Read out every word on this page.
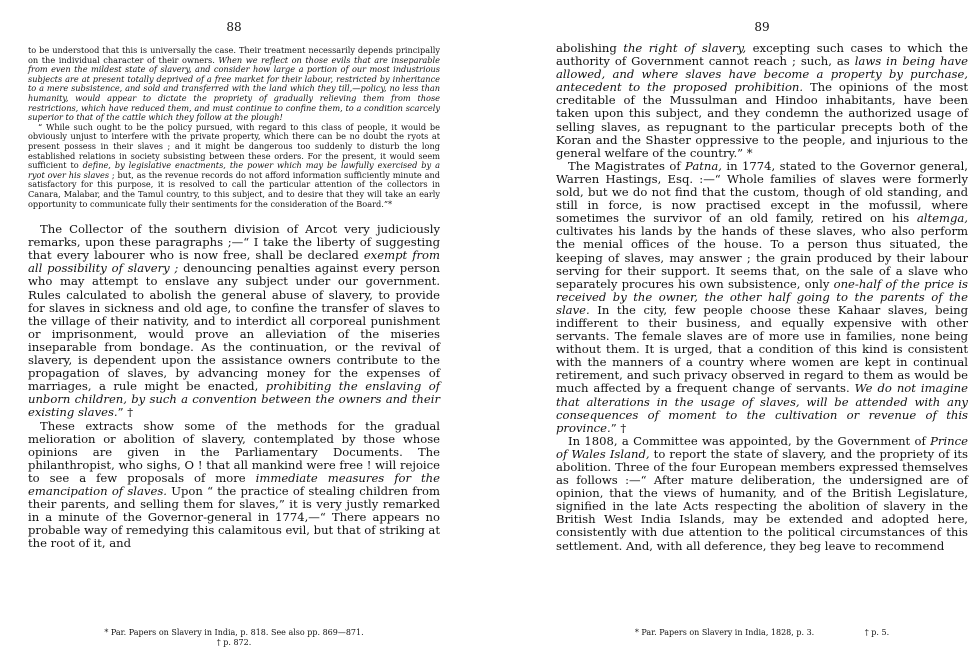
88

to be understood that this is universally the case. Their treatment necessarily depends principally on the individual character of their owners. When we reflect on those evils that are inseparable from even the mildest state of slavery, and consider how large a portion of our most industrious subjects are at present totally deprived of a free market for their labour, restricted by inheritance to a mere subsistence, and sold and transferred with the land which they till,—policy, no less than humanity, would appear to dictate the propriety of gradually relieving them from those restrictions, which have reduced them, and must continue to confine them, to a condition scarcely superior to that of the cattle which they follow at the plough!

“ While such ought to be the policy pursued, with regard to this class of people, it would be obviously unjust to interfere with the private property, which there can be no doubt the ryots at present possess in their slaves ; and it might be dangerous too suddenly to disturb the long established relations in society subsisting between these orders. For the present, it would seem sufficient to define, by legislative enactments, the power which may be lawfully exercised by a ryot over his slaves ; but, as the revenue records do not afford information sufficiently minute and satisfactory for this purpose, it is resolved to call the particular attention of the collectors in Canara, Malabar, and the Tamul country, to this subject, and to desire that they will take an early opportunity to communicate fully their sentiments for the consideration of the Board.”*

The Collector of the southern division of Arcot very judiciously remarks, upon these paragraphs ;—“ I take the liberty of suggesting that every labourer who is now free, shall be declared exempt from all possibility of slavery ; denouncing penalties against every person who may attempt to enslave any subject under our government. Rules calculated to abolish the general abuse of slavery, to provide for slaves in sickness and old age, to confine the transfer of slaves to the village of their nativity, and to interdict all corporeal punishment or imprisonment, would prove an alleviation of the miseries inseparable from bondage. As the continuation, or the revival of slavery, is dependent upon the assistance owners contribute to the propagation of slaves, by advancing money for the expenses of marriages, a rule might be enacted, prohibiting the enslaving of unborn children, by such a convention between the owners and their existing slaves.” †

These extracts show some of the methods for the gradual melioration or abolition of slavery, contemplated by those whose opinions are given in the Parliamentary Documents. The philanthropist, who sighs, O ! that all mankind were free ! will rejoice to see a few proposals of more immediate measures for the emancipation of slaves. Upon “ the practice of stealing children from their parents, and selling them for slaves,” it is very justly remarked in a minute of the Governor-general in 1774,—“ There appears no probable way of remedying this calamitous evil, but that of striking at the root of it, and

* Par. Papers on Slavery in India, p. 818. See also pp. 869—871.
† p. 872.
89

abolishing the right of slavery, excepting such cases to which the authority of Government cannot reach ; such, as laws in being have allowed, and where slaves have become a property by purchase, antecedent to the proposed prohibition. The opinions of the most creditable of the Mussulman and Hindoo inhabitants, have been taken upon this subject, and they condemn the authorized usage of selling slaves, as repugnant to the particular precepts both of the Koran and the Shaster oppressive to the people, and injurious to the general welfare of the country.” *

The Magistrates of Patna, in 1774, stated to the Governor general, Warren Hastings, Esq. :—“ Whole families of slaves were formerly sold, but we do not find that the custom, though of old standing, and still in force, is now practised except in the mofussil, where sometimes the survivor of an old family, retired on his altemga, cultivates his lands by the hands of these slaves, who also perform the menial offices of the house. To a person thus situated, the keeping of slaves, may answer ; the grain produced by their labour serving for their support. It seems that, on the sale of a slave who separately procures his own subsistence, only one-half of the price is received by the owner, the other half going to the parents of the slave. In the city, few people choose these Kahaar slaves, being indifferent to their business, and equally expensive with other servants. The female slaves are of more use in families, none being without them. It is urged, that a condition of this kind is consistent with the manners of a country where women are kept in continual retirement, and such privacy observed in regard to them as would be much affected by a frequent change of servants. We do not imagine that alterations in the usage of slaves, will be attended with any consequences of moment to the cultivation or revenue of this province.” †

In 1808, a Committee was appointed, by the Government of Prince of Wales Island, to report the state of slavery, and the propriety of its abolition. Three of the four European members expressed themselves as follows :—“ After mature deliberation, the undersigned are of opinion, that the views of humanity, and of the British Legislature, signified in the late Acts respecting the abolition of slavery in the British West India Islands, may be extended and adopted here, consistently with due attention to the political circumstances of this settlement. And, with all deference, they beg leave to recommend

* Par. Papers on Slavery in India, 1828, p. 3.	† p. 5.
